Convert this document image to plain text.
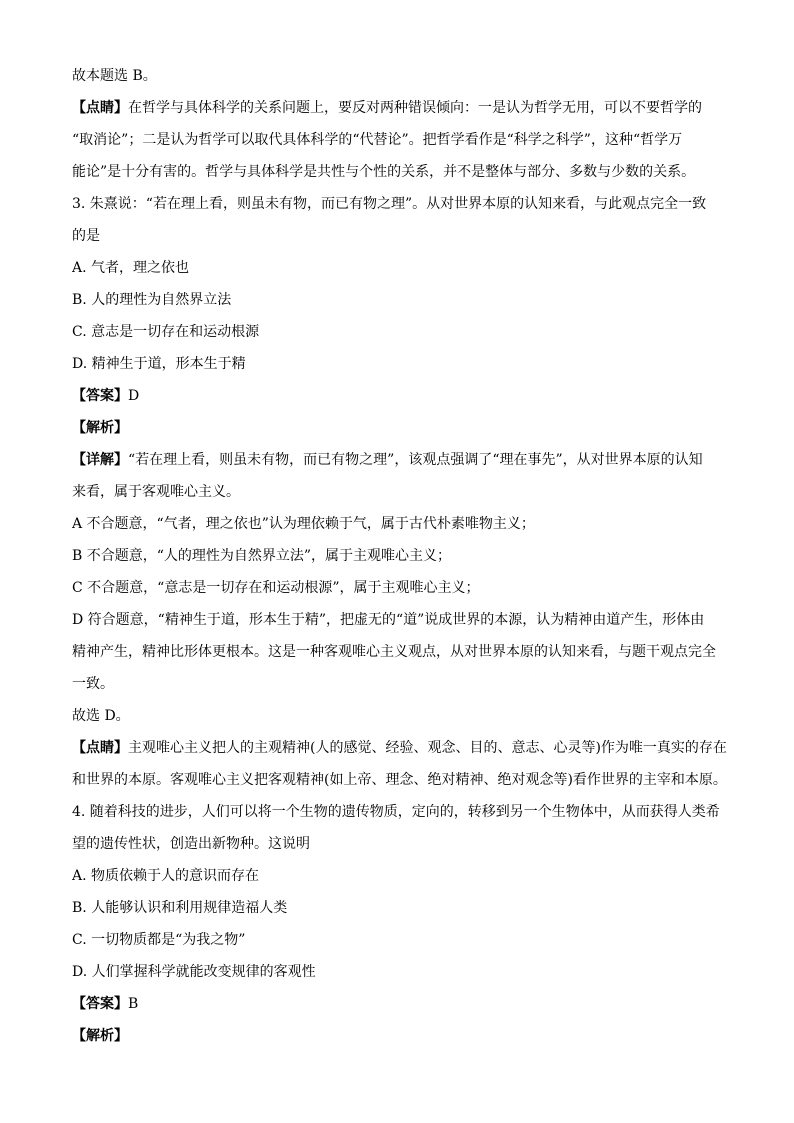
故本题选 B。
【点睛】在哲学与具体科学的关系问题上，要反对两种错误倾向：一是认为哲学无用，可以不要哲学的
“取消论”；二是认为哲学可以取代具体科学的“代替论”。把哲学看作是“科学之科学”，这种“哲学万
能论”是十分有害的。哲学与具体科学是共性与个性的关系，并不是整体与部分、多数与少数的关系。
3. 朱熹说：“若在理上看，则虽未有物，而已有物之理”。从对世界本原的认知来看，与此观点完全一致
的是
A. 气者，理之依也
B. 人的理性为自然界立法
C. 意志是一切存在和运动根源
D. 精神生于道，形本生于精
【答案】D
【解析】
【详解】“若在理上看，则虽未有物，而已有物之理”，该观点强调了“理在事先”，从对世界本原的认知
来看，属于客观唯心主义。
A 不合题意，“气者，理之依也”认为理依赖于气，属于古代朴素唯物主义；
B 不合题意，“人的理性为自然界立法”，属于主观唯心主义；
C 不合题意，“意志是一切存在和运动根源”，属于主观唯心主义；
D 符合题意，“精神生于道，形本生于精”，把虚无的“道”说成世界的本源，认为精神由道产生，形体由
精神产生，精神比形体更根本。这是一种客观唯心主义观点，从对世界本原的认知来看，与题干观点完全
一致。
故选 D。
【点睛】主观唯心主义把人的主观精神(人的感觉、经验、观念、目的、意志、心灵等)作为唯一真实的存在
和世界的本原。客观唯心主义把客观精神(如上帝、理念、绝对精神、绝对观念等)看作世界的主宰和本原。
4. 随着科技的进步，人们可以将一个生物的遗传物质，定向的，转移到另一个生物体中，从而获得人类希
望的遗传性状，创造出新物种。这说明
A. 物质依赖于人的意识而存在
B. 人能够认识和利用规律造福人类
C. 一切物质都是“为我之物”
D. 人们掌握科学就能改变规律的客观性
【答案】B
【解析】
